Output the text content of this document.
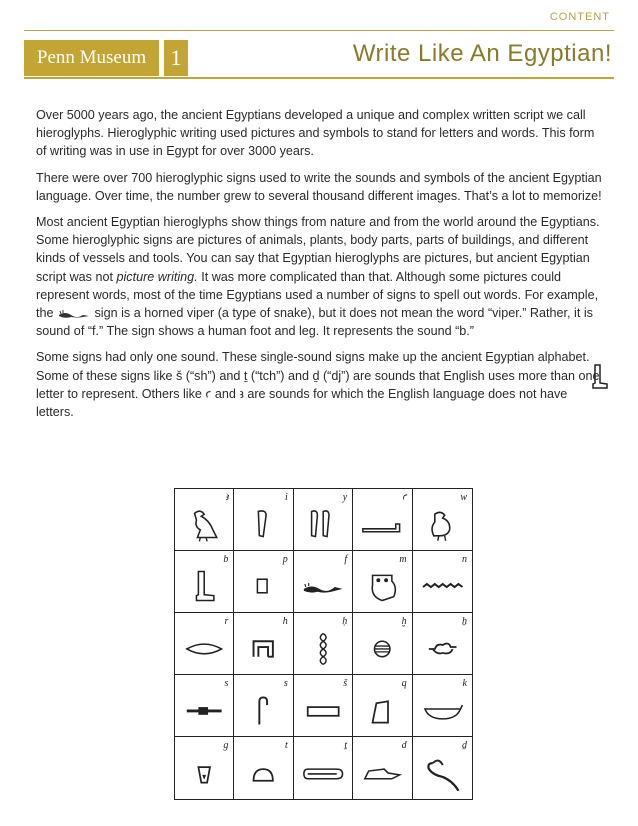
CONTENT
Penn Museum	1	Write Like An Egyptian!

Over 5000 years ago, the ancient Egyptians developed a unique and complex written script we call hieroglyphs. Hieroglyphic writing used pictures and symbols to stand for letters and words. This form of writing was in use in Egypt for over 3000 years.

There were over 700 hieroglyphic signs used to write the sounds and symbols of the ancient Egyptian language. Over time, the number grew to several thousand different images. That’s a lot to memorize!

Most ancient Egyptian hieroglyphs show things from nature and from the world around the Egyptians. Some hieroglyphic signs are pictures of animals, plants, body parts, parts of buildings, and different kinds of vessels and tools. You can say that Egyptian hieroglyphs are pictures, but ancient Egyptian script was not picture writing. It was more complicated than that. Although some pictures could represent words, most of the time Egyptians used a number of signs to spell out words. For example, the	sign is a horned viper (a type of snake), but it does not mean the word “viper.” Rather, it is sound of “f.” The sign shows a human foot and leg. It represents the sound “b.”

Some signs had only one sound. These single-sound signs make up the ancient Egyptian alphabet. Some of these signs like š (“sh”) and ṯ (“tch”) and ḏ (“dj”) are sounds that English uses more than one letter to represent. Others like ꜥ and ꜣ are sounds for which the English language does not have letters.

ꜣ	i	y	ꜥ	w
b	p	f	m	n
r	h	ḥ	ḫ	ẖ
s	s	š	q	k
g	t	ṯ	d	ḏ
